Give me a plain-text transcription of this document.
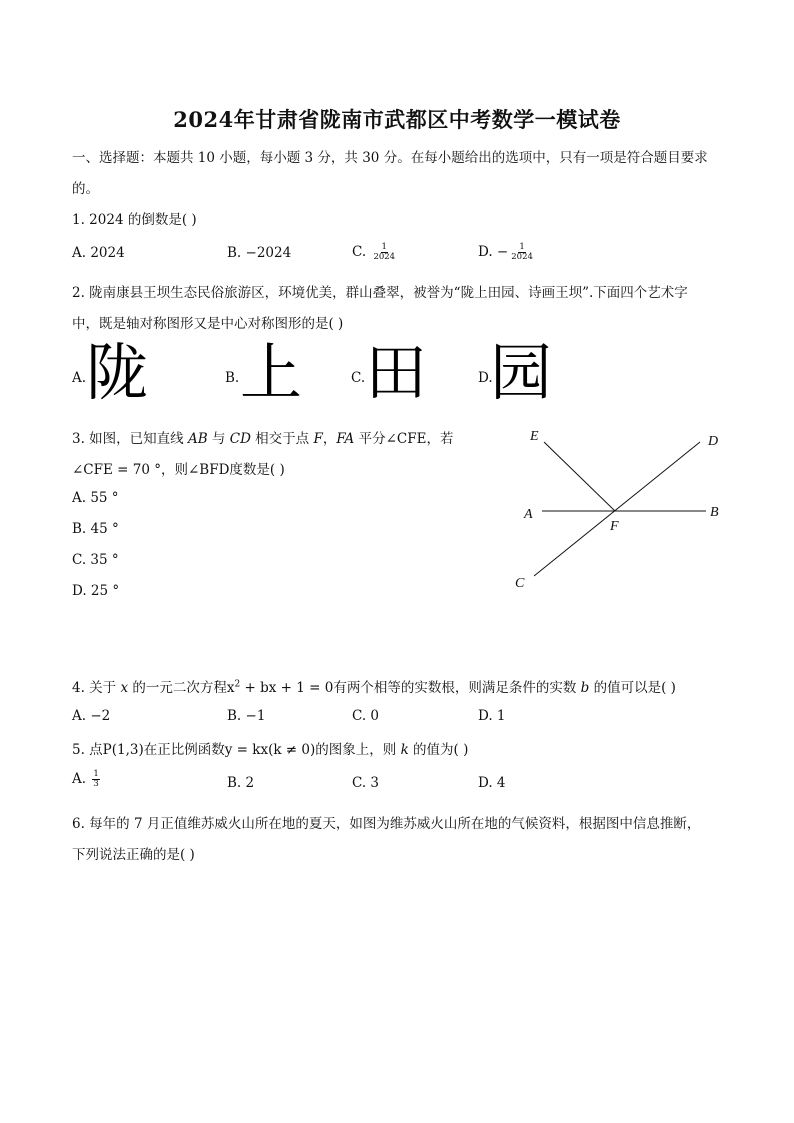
2024年甘肃省陇南市武都区中考数学一模试卷
一、选择题：本题共 10 小题，每小题 3 分，共 30 分。在每小题给出的选项中，只有一项是符合题目要求
的。
1. 2024 的倒数是( )
A. 2024	B. −2024	C. $\frac{1}{2024}$	D. − $\frac{1}{2024}$
2. 陇南康县王坝生态民俗旅游区，环境优美，群山叠翠，被誉为“陇上田园、诗画王坝”.下面四个艺术字
中，既是轴对称图形又是中心对称图形的是( )
A. 陇	B. 上	C. 田	D.
园
3. 如图，已知直线 AB 与 CD 相交于点 F，FA 平分∠CFE，若
∠CFE = 70 °，则∠BFD度数是( )
A. 55 °
B. 45 °
C. 35 °
D. 25 °
E	D
A
F
B
C
4. 关于 x 的一元二次方程$x^2$ + bx + 1 = 0有两个相等的实数根，则满足条件的实数 b 的值可以是( )
A. −2	B. −1	C. 0	D. 1
5. 点P(1,3)在正比例函数y = kx(k ≠ 0)的图象上，则 k 的值为( )
A. $\frac{1}{3}$	B. 2	C. 3	D. 4
6. 每年的 7 月正值维苏威火山所在地的夏天，如图为维苏威火山所在地的气候资料，根据图中信息推断，
下列说法正确的是( )
